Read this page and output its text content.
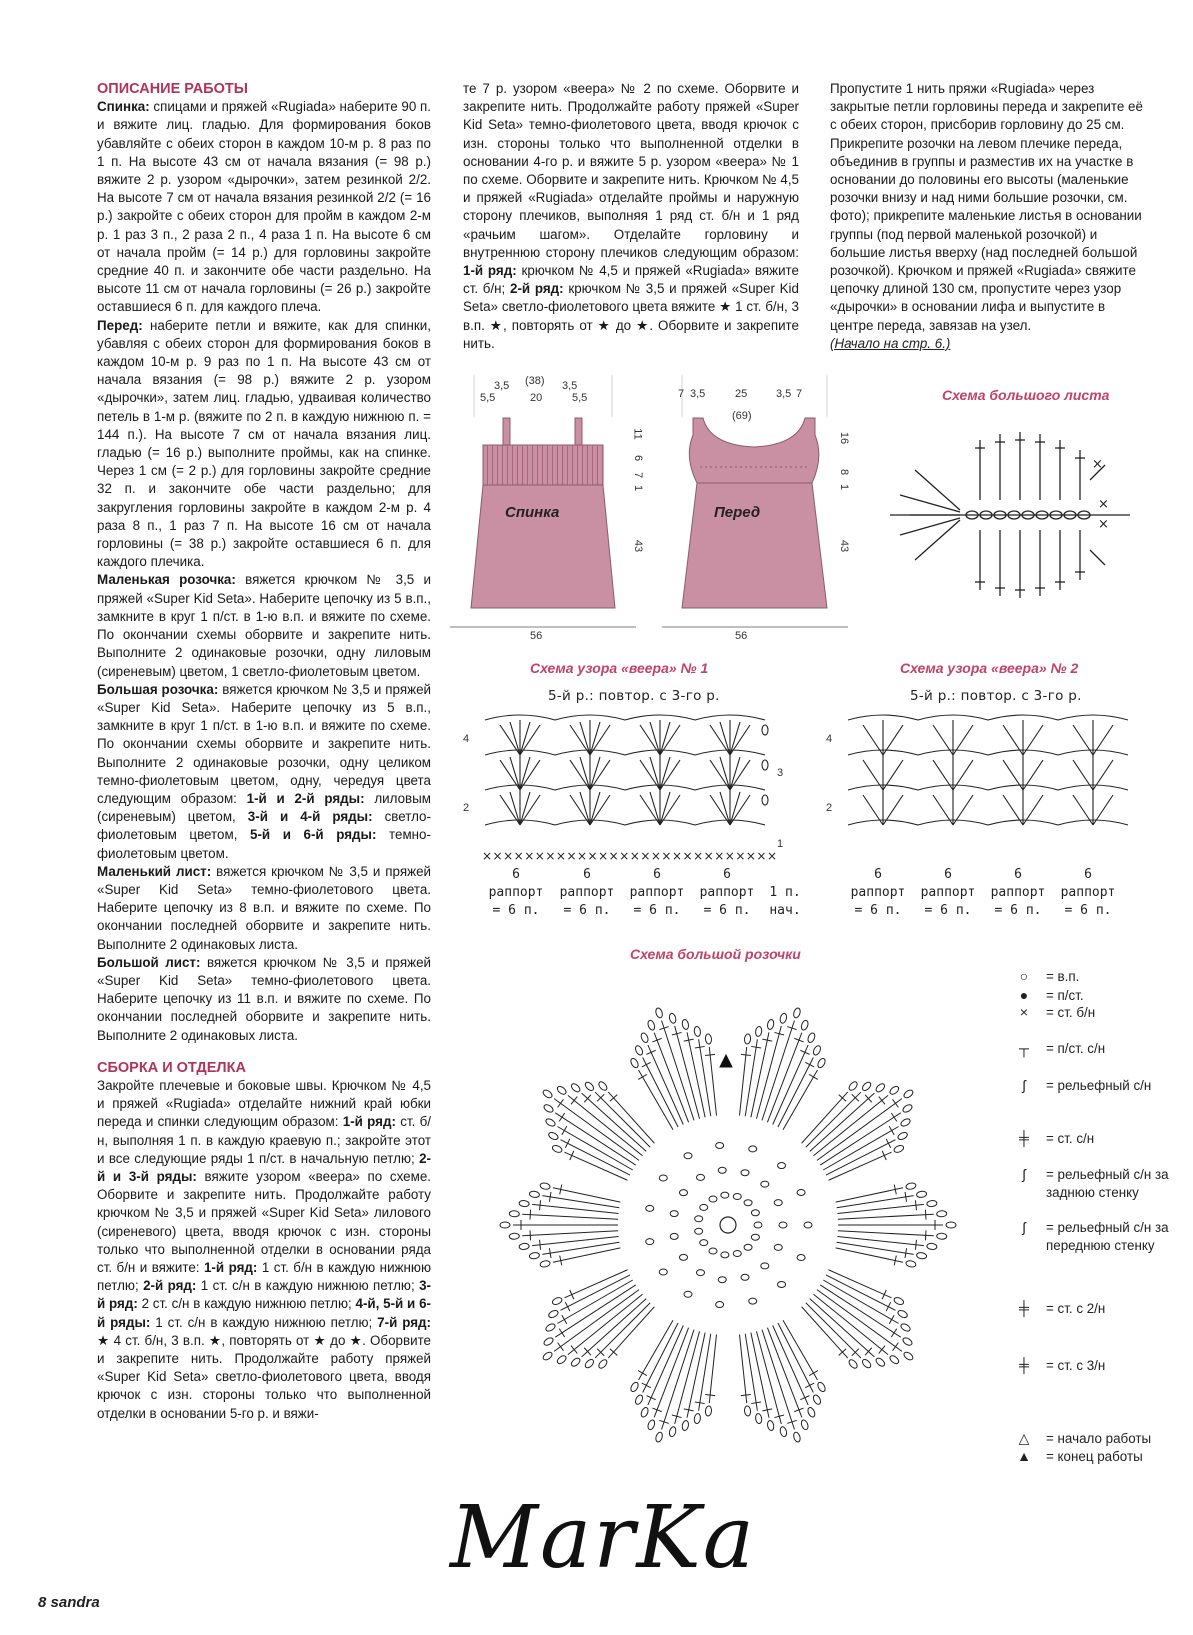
ОПИСАНИЕ РАБОТЫ

Спинка: спицами и пряжей «Rugiada» наберите 90 п. и вяжите лиц. гладью. Для формирования боков убавляйте с обеих сторон в каждом 10-м р. 8 раз по 1 п. На высоте 43 см от начала вязания (= 98 р.) вяжите 2 р. узором «дырочки», затем резинкой 2/2. На высоте 7 см от начала вязания резинкой 2/2 (= 16 р.) закройте с обеих сторон для пройм в каждом 2-м р. 1 раз 3 п., 2 раза 2 п., 4 раза 1 п. На высоте 6 см от начала пройм (= 14 р.) для горловины закройте средние 40 п. и закончите обе части раздельно. На высоте 11 см от начала горловины (= 26 р.) закройте оставшиеся 6 п. для каждого плеча.

Перед: наберите петли и вяжите, как для спинки, убавляя с обеих сторон для формирования боков в каждом 10-м р. 9 раз по 1 п. На высоте 43 см от начала вязания (= 98 р.) вяжите 2 р. узором «дырочки», затем лиц. гладью, удваивая количество петель в 1-м р. (вяжите по 2 п. в каждую нижнюю п. = 144 п.). На высоте 7 см от начала вязания лиц. гладью (= 16 р.) выполните проймы, как на спинке. Через 1 см (= 2 р.) для горловины закройте средние 32 п. и закончите обе части раздельно; для закругления горловины закройте в каждом 2-м р. 4 раза 8 п., 1 раз 7 п. На высоте 16 см от начала горловины (= 38 р.) закройте оставшиеся 6 п. для каждого плечика.

Маленькая розочка: вяжется крючком № 3,5 и пряжей «Super Kid Seta». Наберите цепочку из 5 в.п., замкните в круг 1 п/ст. в 1-ю в.п. и вяжите по схеме. По окончании схемы оборвите и закрепите нить. Выполните 2 одинаковые розочки, одну лиловым (сиреневым) цветом, 1 светло-фиолетовым цветом.

Большая розочка: вяжется крючком № 3,5 и пряжей «Super Kid Seta». Наберите цепочку из 5 в.п., замкните в круг 1 п/ст. в 1-ю в.п. и вяжите по схеме. По окончании схемы оборвите и закрепите нить. Выполните 2 одинаковые розочки, одну целиком темно-фиолетовым цветом, одну, чередуя цвета следующим образом: 1-й и 2-й ряды: лиловым (сиреневым) цветом, 3-й и 4-й ряды: светло-фиолетовым цветом, 5-й и 6-й ряды: темно-фиолетовым цветом.

Маленький лист: вяжется крючком № 3,5 и пряжей «Super Kid Seta» темно-фиолетового цвета. Наберите цепочку из 8 в.п. и вяжите по схеме. По окончании последней оборвите и закрепите нить. Выполните 2 одинаковых листа.

Большой лист: вяжется крючком № 3,5 и пряжей «Super Kid Seta» темно-фиолетового цвета. Наберите цепочку из 11 в.п. и вяжите по схеме. По окончании последней оборвите и закрепите нить. Выполните 2 одинаковых листа.

СБОРКА И ОТДЕЛКА

Закройте плечевые и боковые швы. Крючком № 4,5 и пряжей «Rugiada» отделайте нижний край юбки переда и спинки следующим образом: 1-й ряд: ст. б/н, выполняя 1 п. в каждую краевую п.; закройте этот и все следующие ряды 1 п/ст. в начальную петлю; 2-й и 3-й ряды: вяжите узором «веера» по схеме. Оборвите и закрепите нить. Продолжайте работу крючком № 3,5 и пряжей «Super Kid Seta» лилового (сиреневого) цвета, вводя крючок с изн. стороны только что выполненной отделки в основании ряда ст. б/н и вяжите: 1-й ряд: 1 ст. б/н в каждую нижнюю петлю; 2-й ряд: 1 ст. с/н в каждую нижнюю петлю; 3-й ряд: 2 ст. с/н в каждую нижнюю петлю; 4-й, 5-й и 6-й ряды: 1 ст. с/н в каждую нижнюю петлю; 7-й ряд: ★ 4 ст. б/н, 3 в.п. ★, повторять от ★ до ★. Оборвите и закрепите нить. Продолжайте работу пряжей «Super Kid Seta» светло-фиолетового цвета, вводя крючок с изн. стороны только что выполненной отделки в основании 5-го р. и вяжи-

те 7 р. узором «веера» № 2 по схеме. Оборвите и закрепите нить. Продолжайте работу пряжей «Super Kid Seta» темно-фиолетового цвета, вводя крючок с изн. стороны только что выполненной отделки в основании 4-го р. и вяжите 5 р. узором «веера» № 1 по схеме. Оборвите и закрепите нить. Крючком № 4,5 и пряжей «Rugiada» отделайте проймы и наружную сторону плечиков, выполняя 1 ряд ст. б/н и 1 ряд «рачьим шагом». Отделайте горловину и внутреннюю сторону плечиков следующим образом: 1-й ряд: крючком № 4,5 и пряжей «Rugiada» вяжите ст. б/н; 2-й ряд: крючком № 3,5 и пряжей «Super Kid Seta» светло-фиолетового цвета вяжите ★ 1 ст. б/н, 3 в.п. ★, повторять от ★ до ★. Оборвите и закрепите нить.

Пропустите 1 нить пряжи «Rugiada» через закрытые петли горловины переда и закрепите её с обеих сторон, присборив горловину до 25 см. Прикрепите розочки на левом плечике переда, объединив в группы и разместив их на участке в основании до половины его высоты (маленькие розочки внизу и над ними большие розочки, см. фото); прикрепите маленькие листья в основании группы (под первой маленькой розочкой) и большие листья вверху (над последней большой розочкой). Крючком и пряжей «Rugiada» свяжите цепочку длиной 130 см, пропустите через узор «дырочки» в основании лифа и выпустите в центре переда, завязав на узел.

(Начало на стр. 6.)

Спинка
5,5
3,5 (38)
20
3,5
5,5
11
6
7
1
43
56
Перед
7 3,5	25	3,5 7
(69)
16
8
1
43
56
Схема большого листа
×
×
×
Схема узора «веера» № 1
5-й р.: повтор. с 3-го р.
××××××××××××××××××××××××××××
4
3
2
1
6
раппорт
= 6 п.
6
раппорт
= 6 п.
6
раппорт
= 6 п.
6
раппорт
= 6 п.
1 п.
нач.
Схема узора «веера» № 2
5-й р.: повтор. с 3-го р.
4
2
6
раппорт
= 6 п.
6
раппорт
= 6 п.
6
раппорт
= 6 п.
6
раппорт
= 6 п.
Схема большой розочки
○	= в.п.
●	= п/ст.
×	= ст. б/н
┬	= п/ст. с/н
ʃ	= рельефный с/н
╪	= ст. с/н
ʃ	= рельефный с/н за заднюю стенку
ʃ	= рельефный с/н за переднюю стенку
╪	= ст. с 2/н
╪	= ст. с 3/н
△	= начало работы
▲ = конец работы
8 sandra
MarKa
